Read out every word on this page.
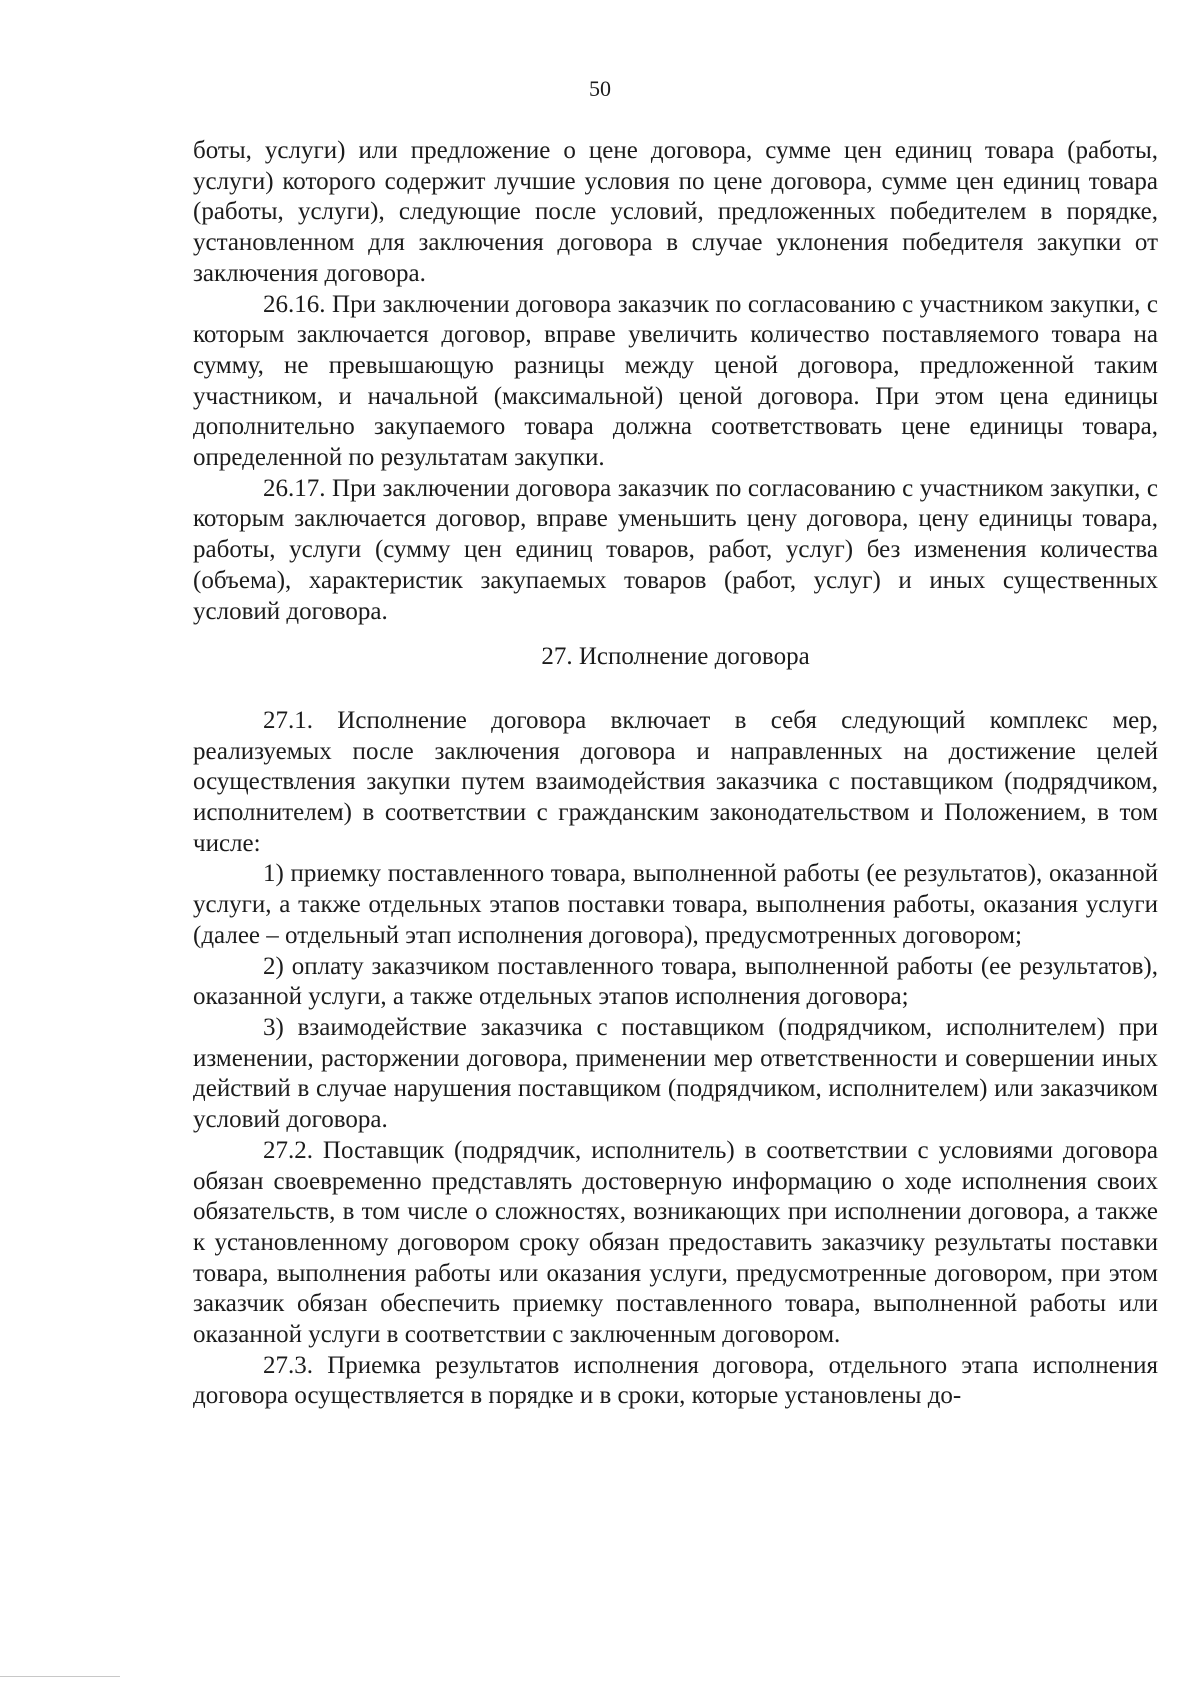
50

боты, услуги) или предложение о цене договора, сумме цен единиц товара (работы, услуги) которого содержит лучшие условия по цене договора, сумме цен единиц товара (работы, услуги), следующие после условий, предложенных победителем в порядке, установленном для заключения договора в случае уклонения победителя закупки от заключения договора.

26.16. При заключении договора заказчик по согласованию с участником закупки, с которым заключается договор, вправе увеличить количество поставляемого товара на сумму, не превышающую разницы между ценой договора, предложенной таким участником, и начальной (максимальной) ценой договора. При этом цена единицы дополнительно закупаемого товара должна соответствовать цене единицы товара, определенной по результатам закупки.

26.17. При заключении договора заказчик по согласованию с участником закупки, с которым заключается договор, вправе уменьшить цену договора, цену единицы товара, работы, услуги (сумму цен единиц товаров, работ, услуг) без изменения количества (объема), характеристик закупаемых товаров (работ, услуг) и иных существенных условий договора.

27. Исполнение договора

27.1. Исполнение договора включает в себя следующий комплекс мер, реализуемых после заключения договора и направленных на достижение целей осуществления закупки путем взаимодействия заказчика с поставщиком (подрядчиком, исполнителем) в соответствии с гражданским законодательством и Положением, в том числе:

1) приемку поставленного товара, выполненной работы (ее результатов), оказанной услуги, а также отдельных этапов поставки товара, выполнения работы, оказания услуги (далее – отдельный этап исполнения договора), предусмотренных договором;

2) оплату заказчиком поставленного товара, выполненной работы (ее результатов), оказанной услуги, а также отдельных этапов исполнения договора;

3) взаимодействие заказчика с поставщиком (подрядчиком, исполнителем) при изменении, расторжении договора, применении мер ответственности и совершении иных действий в случае нарушения поставщиком (подрядчиком, исполнителем) или заказчиком условий договора.

27.2. Поставщик (подрядчик, исполнитель) в соответствии с условиями договора обязан своевременно представлять достоверную информацию о ходе исполнения своих обязательств, в том числе о сложностях, возникающих при исполнении договора, а также к установленному договором сроку обязан предоставить заказчику результаты поставки товара, выполнения работы или оказания услуги, предусмотренные договором, при этом заказчик обязан обеспечить приемку поставленного товара, выполненной работы или оказанной услуги в соответствии с заключенным договором.

27.3. Приемка результатов исполнения договора, отдельного этапа исполнения договора осуществляется в порядке и в сроки, которые установлены до-
